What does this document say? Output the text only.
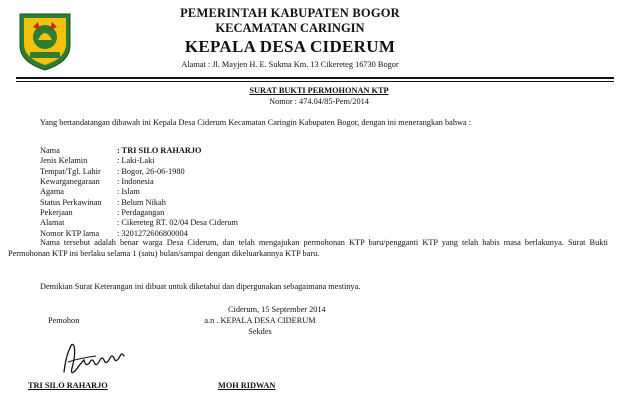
PEMERINTAH KABUPATEN BOGOR
KECAMATAN CARINGIN
KEPALA DESA CIDERUM
Alamat : Jl. Mayjen H. E. Sukma Km. 13 Cikereteg 16730 Bogor
SURAT BUKTI PERMOHONAN KTP
Nomor : 474.04/85-Pem/2014
Yang bertandatangan dibawah ini Kepala Desa Ciderum Kecamatan Caringin Kabupaten Bogor, dengan ini menerangkan bahwa :
Nama	: TRI SILO RAHARJO
Jenis Kelamin	: Laki-Laki
Tempat/Tgl. Lahir	: Bogor, 26-06-1980
Kewarganegaraan	: Indonesia
Agama	: Islam
Status Perkawinan	: Belum Nikah
Pekerjaan	: Perdagangan
Alamat	: Cikereteg RT. 02/04 Desa Ciderum
Nomor KTP lama	: 3201272606800004
Nama tersebut adalah benar warga Desa Ciderum, dan telah mengajukan permohonan KTP baru/pengganti KTP yang telah habis masa berlakunya. Surat Bukti Permohonan KTP ini berlaku selama 1 (satu) bulan/sampai dengan dikeluarkannya KTP baru.
Demikian Surat Keterangan ini dibuat untuk diketahui dan dipergunakan sebagaimana mestinya.
Ciderum, 15 September 2014
Pemohon	a.n . KEPALA DESA CIDERUM
Sekdes
TRI SILO RAHARJO	MOH RIDWAN
